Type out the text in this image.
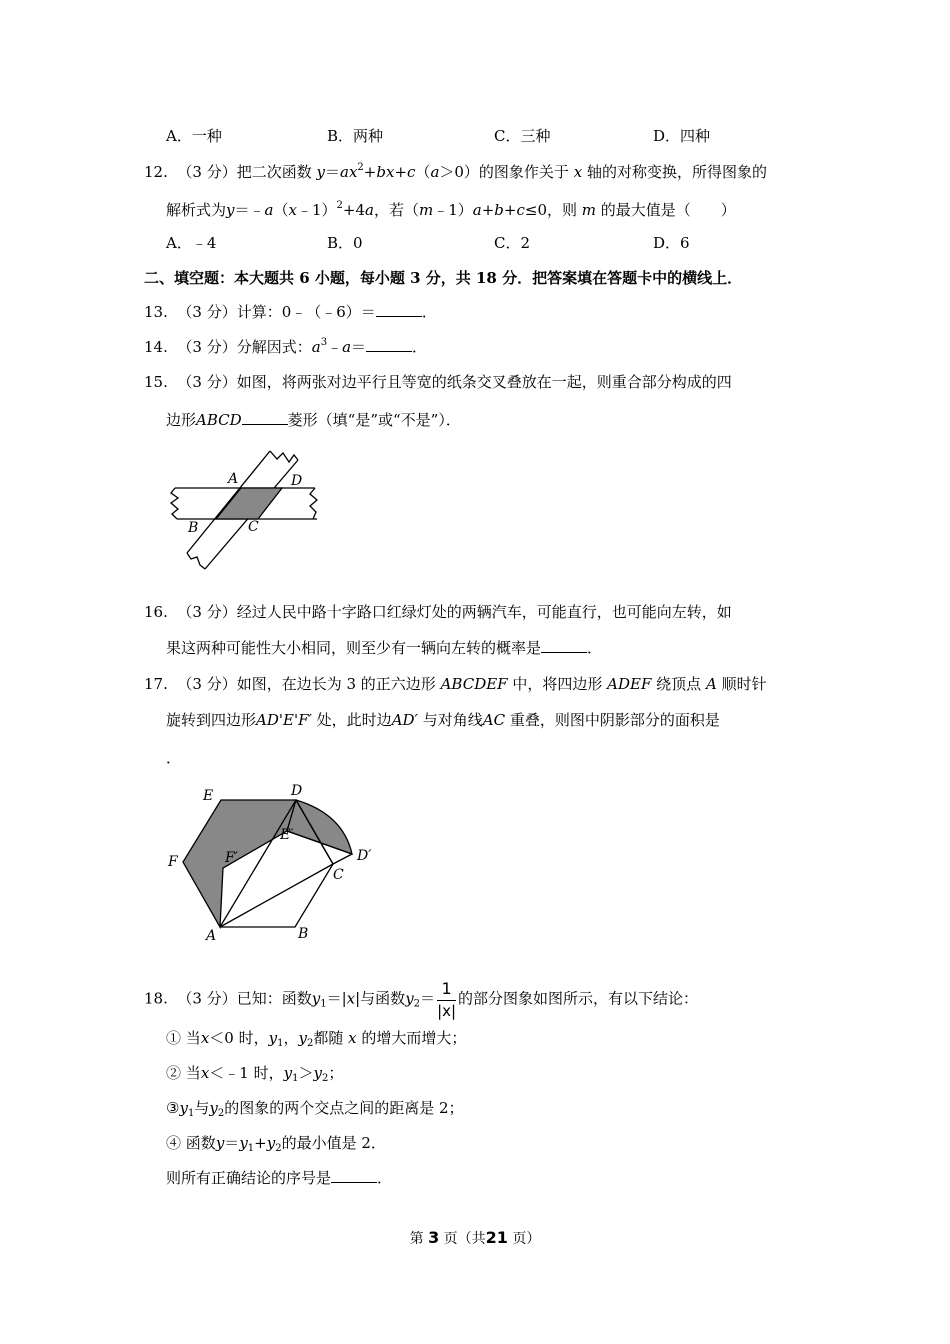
A．一种	B．两种	C．三种	D．四种
12. （3 分）把二次函数 $y=ax^2+bx+c(a>0)$的图象作关于 x 轴的对称变换，所得图象的
解析式为y＝﹣a（x﹣1）$^2$+4a，若（m﹣1）a+b+c≤0，则 m 的最大值是（　　）
A．﹣4	B．0	C．2	D．6
二、填空题：本大题共 6 小题，每小题 3 分，共 18 分．把答案填在答题卡中的横线上．
13. （3 分）计算：0﹣（﹣6）＝	．
14. （3 分）分解因式：$a^3﹣a=$	．
15. （3 分）如图，将两张对边平行且等宽的纸条交叉叠放在一起，则重合部分构成的四
边形ABCD	菱形（填“是”或“不是”）．
A	D
B	C
16. （3 分）经过人民中路十字路口红绿灯处的两辆汽车，可能直行，也可能向左转，如
果这两种可能性大小相同，则至少有一辆向左转的概率是	．
17. （3 分）如图，在边长为 3 的正六边形 ABCDEF 中，将四边形 ADEF 绕顶点 A 顺时针
旋转到四边形AD'E'F′ 处，此时边AD′ 与对角线AC 重叠，则图中阴影部分的面积是
．
E	D
F	F′
E′
D′
C
A	B
18. （3 分）已知：函数$y_1=|x|$与函数$y_2= \frac{1}{|x|}$ 的部分图象如图所示，有以下结论：
① 当x＜0 时，$y_1$，$y_2$都随 x 的增大而增大；
② 当x＜﹣1 时，$y_1>y_2$；
$③y_1$与$y_2$的图象的两个交点之间的距离是 2；
④ 函数$y=y_1+y_2$的最小值是 2．
则所有正确结论的序号是	．
第 3 页（共21 页）
